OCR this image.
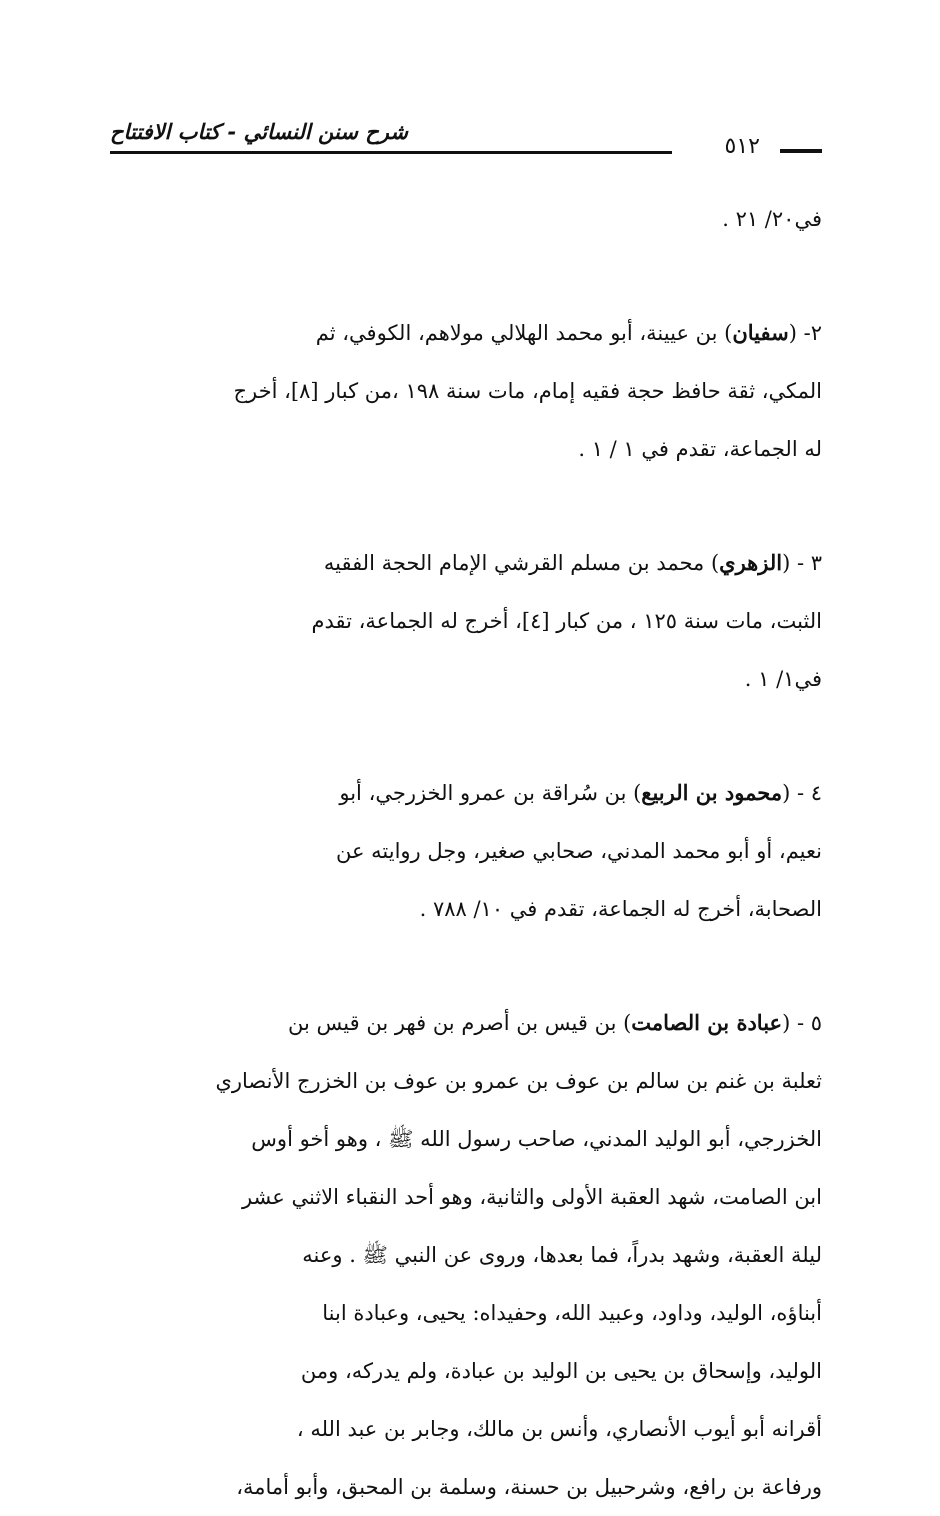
شرح سنن النسائي - كتاب الافتتاح
٥١٢
في٢٠/ ٢١ .
٢- (سفيان) بن عيينة، أبو محمد الهلالي مولاهم، الكوفي، ثم
المكي، ثقة حافظ حجة فقيه إمام، مات سنة ١٩٨ ،من كبار [٨]، أخرج
له الجماعة، تقدم في ١ / ١ .
٣ - (الزهري) محمد بن مسلم القرشي الإمام الحجة الفقيه
الثبت، مات سنة ١٢٥ ، من كبار [٤]، أخرج له الجماعة، تقدم
في١/ ١ .
٤ - (محمود بن الربيع) بن سُراقة بن عمرو الخزرجي، أبو
نعيم، أو أبو محمد المدني، صحابي صغير، وجل روايته عن
الصحابة، أخرج له الجماعة، تقدم في ١٠/ ٧٨٨ .
٥ - (عبادة بن الصامت) بن قيس بن أصرم بن فهر بن قيس بن
ثعلبة بن غنم بن سالم بن عوف بن عمرو بن عوف بن الخزرج الأنصاري
الخزرجي، أبو الوليد المدني، صاحب رسول الله ﷺ ، وهو أخو أوس
ابن الصامت، شهد العقبة الأولى والثانية، وهو أحد النقباء الاثني عشر
ليلة العقبة، وشهد بدراً، فما بعدها، وروى عن النبي ﷺ . وعنه
أبناؤه، الوليد، وداود، وعبيد الله، وحفيداه: يحيى، وعبادة ابنا
الوليد، وإسحاق بن يحيى بن الوليد بن عبادة، ولم يدركه، ومن
أقرانه أبو أيوب الأنصاري، وأنس بن مالك، وجابر بن عبد الله ،
ورفاعة بن رافع، وشرحبيل بن حسنة، وسلمة بن المحبق، وأبو أمامة،
